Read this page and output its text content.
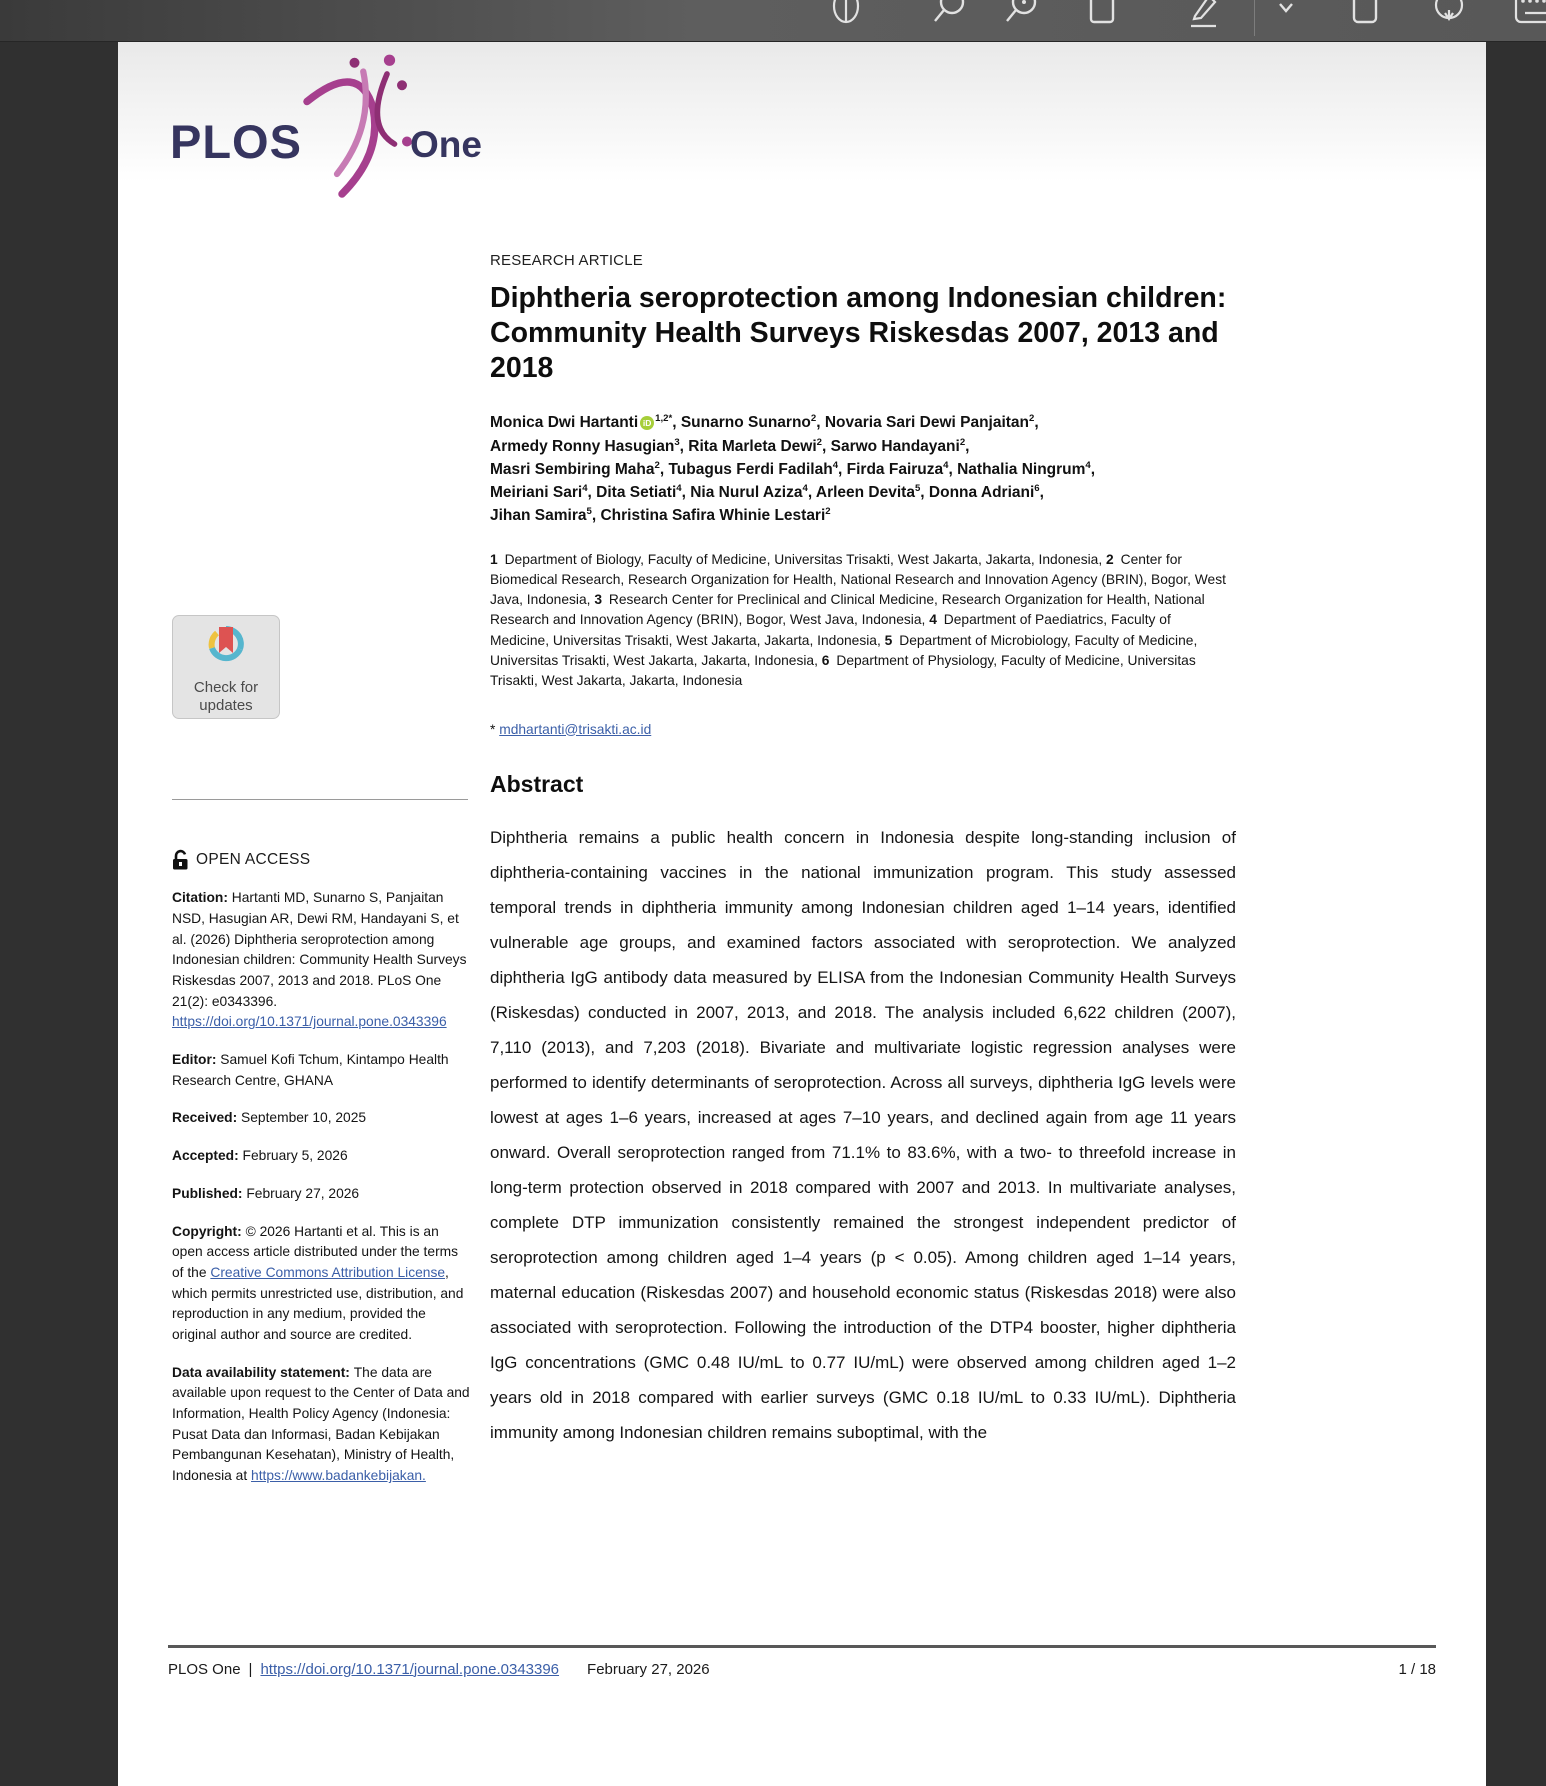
PLOS	One
Check for updates
OPEN ACCESS

Citation: Hartanti MD, Sunarno S, Panjaitan NSD, Hasugian AR, Dewi RM, Handayani S, et al. (2026) Diphtheria seroprotection among Indonesian children: Community Health Surveys Riskesdas 2007, 2013 and 2018. PLoS One 21(2): e0343396. https://doi.org/10.1371/journal.pone.0343396

Editor: Samuel Kofi Tchum, Kintampo Health Research Centre, GHANA

Received: September 10, 2025

Accepted: February 5, 2026

Published: February 27, 2026

Copyright: © 2026 Hartanti et al. This is an open access article distributed under the terms of the Creative Commons Attribution License, which permits unrestricted use, distribution, and reproduction in any medium, provided the original author and source are credited.

Data availability statement: The data are available upon request to the Center of Data and Information, Health Policy Agency (Indonesia: Pusat Data dan Informasi, Badan Kebijakan Pembangunan Kesehatan), Ministry of Health, Indonesia at https://www.badankebijakan.

RESEARCH ARTICLE
Diphtheria seroprotection among Indonesian children: Community Health Surveys Riskesdas 2007, 2013 and 2018
Monica Dwi Hartanti iD $^{1,2*}$, Sunarno Sunarno$^2$, Novaria Sari Dewi Panjaitan$^2$,
Armedy Ronny Hasugian$^3$, Rita Marleta Dewi$^2$, Sarwo Handayani$^2$,
Masri Sembiring Maha$^2$, Tubagus Ferdi Fadilah$^4$, Firda Fairuza$^4$, Nathalia Ningrum$^4$,
Meiriani Sari$^4$, Dita Setiati$^4$, Nia Nurul Aziza$^4$, Arleen Devita$^5$, Donna Adriani$^6$,
Jihan Samira$^5$, Christina Safira Whinie Lestari$^2$
1 Department of Biology, Faculty of Medicine, Universitas Trisakti, West Jakarta, Jakarta, Indonesia, 2 Center for Biomedical Research, Research Organization for Health, National Research and Innovation Agency (BRIN), Bogor, West Java, Indonesia, 3 Research Center for Preclinical and Clinical Medicine, Research Organization for Health, National Research and Innovation Agency (BRIN), Bogor, West Java, Indonesia, 4 Department of Paediatrics, Faculty of Medicine, Universitas Trisakti, West Jakarta, Jakarta, Indonesia, 5 Department of Microbiology, Faculty of Medicine, Universitas Trisakti, West Jakarta, Jakarta, Indonesia, 6 Department of Physiology, Faculty of Medicine, Universitas Trisakti, West Jakarta, Jakarta, Indonesia

* mdhartanti@trisakti.ac.id

Abstract

Diphtheria remains a public health concern in Indonesia despite long-standing inclusion of diphtheria-containing vaccines in the national immunization program. This study assessed temporal trends in diphtheria immunity among Indonesian children aged 1–14 years, identified vulnerable age groups, and examined factors associated with seroprotection. We analyzed diphtheria IgG antibody data measured by ELISA from the Indonesian Community Health Surveys (Riskesdas) conducted in 2007, 2013, and 2018. The analysis included 6,622 children (2007), 7,110 (2013), and 7,203 (2018). Bivariate and multivariate logistic regression analyses were performed to identify determinants of seroprotection. Across all surveys, diphtheria IgG levels were lowest at ages 1–6 years, increased at ages 7–10 years, and declined again from age 11 years onward. Overall seroprotection ranged from 71.1% to 83.6%, with a two- to threefold increase in long-term protection observed in 2018 compared with 2007 and 2013. In multivariate analyses, complete DTP immunization consistently remained the strongest independent predictor of seroprotection among children aged 1–4 years (p < 0.05). Among children aged 1–14 years, maternal education (Riskesdas 2007) and household economic status (Riskesdas 2018) were also associated with seroprotection. Following the introduction of the DTP4 booster, higher diphtheria IgG concentrations (GMC 0.48 IU/mL to 0.77 IU/mL) were observed among children aged 1–2 years old in 2018 compared with earlier surveys (GMC 0.18 IU/mL to 0.33 IU/mL). Diphtheria immunity among Indonesian children remains suboptimal, with the

PLOS One | https://doi.org/10.1371/journal.pone.0343396 February 27, 2026	1 / 18
